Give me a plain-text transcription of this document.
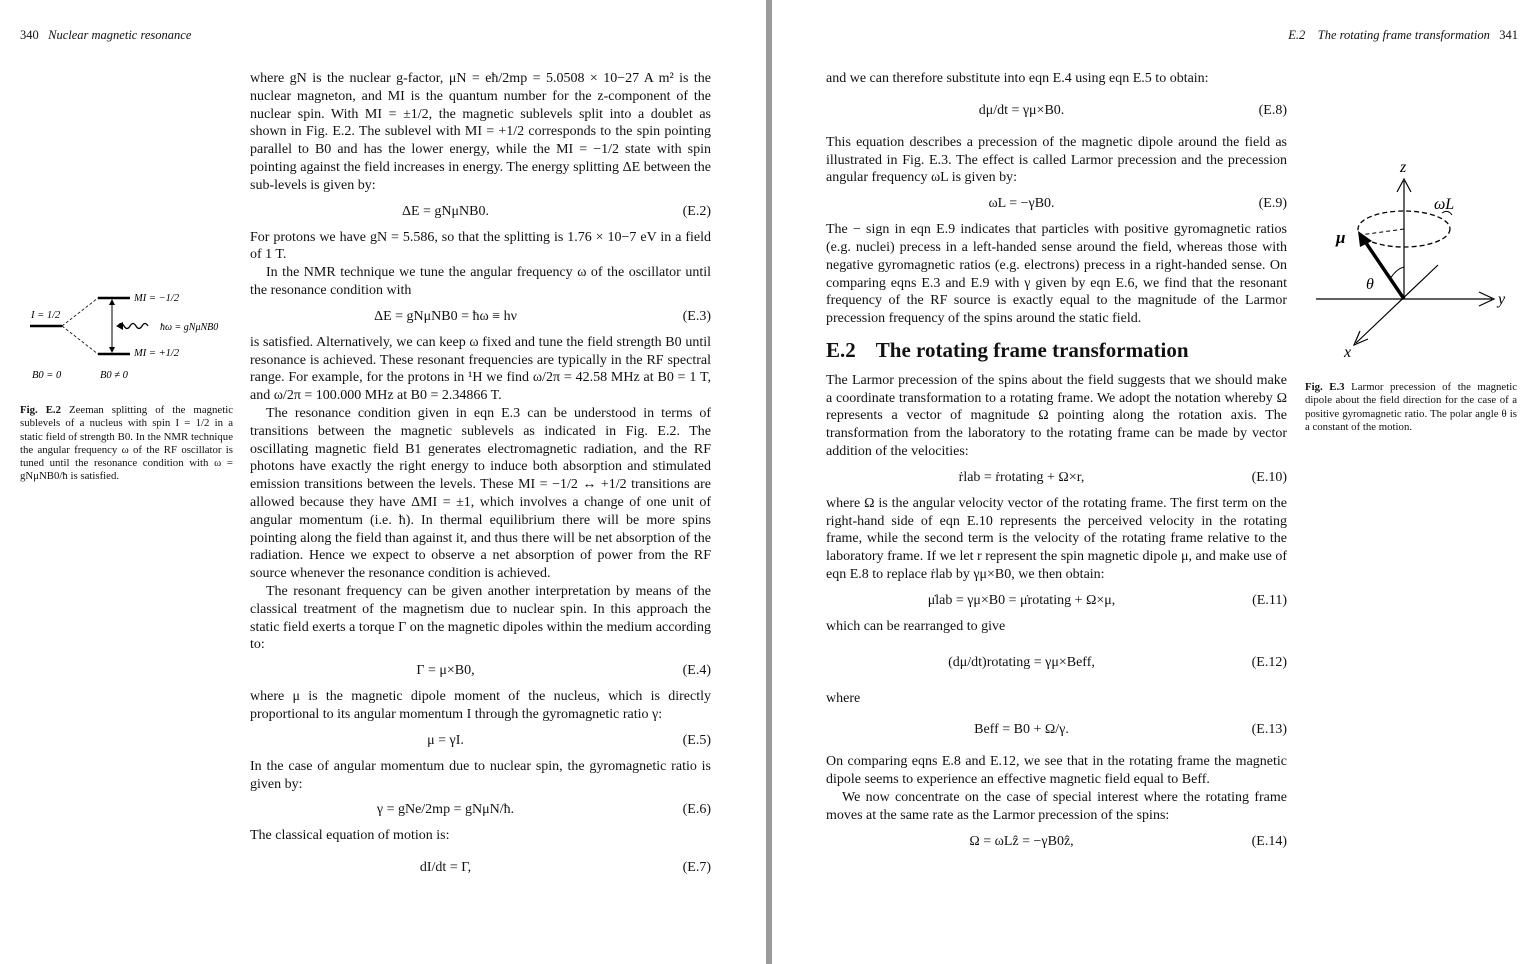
340 Nuclear magnetic resonance
I = 1/2
MI = −1/2
MI = +1/2
ħω = gNμNB0
B0 = 0	B0 ≠ 0
Fig. E.2 Zeeman splitting of the magnetic sublevels of a nucleus with spin I = 1/2 in a static field of strength B0. In the NMR technique the angular frequency ω of the RF oscillator is tuned until the resonance condition with ω = gNμNB0/ħ is satisfied.

where gN is the nuclear g-factor, μN = eħ/2mp = 5.0508 × 10−27 A m² is the nuclear magneton, and MI is the quantum number for the z-component of the nuclear spin. With MI = ±1/2, the magnetic sublevels split into a doublet as shown in Fig. E.2. The sublevel with MI = +1/2 corresponds to the spin pointing parallel to B0 and has the lower energy, while the MI = −1/2 state with spin pointing against the field increases in energy. The energy splitting ΔE between the sub-levels is given by:

ΔE = gNμNB0.	(E.2)

For protons we have gN = 5.586, so that the splitting is 1.76 × 10−7 eV in a field of 1 T.

In the NMR technique we tune the angular frequency ω of the oscillator until the resonance condition with

ΔE = gNμNB0 = ħω ≡ hν	(E.3)

is satisfied. Alternatively, we can keep ω fixed and tune the field strength B0 until resonance is achieved. These resonant frequencies are typically in the RF spectral range. For example, for the protons in ¹H we find ω/2π = 42.58 MHz at B0 = 1 T, and ω/2π = 100.000 MHz at B0 = 2.34866 T.

The resonance condition given in eqn E.3 can be understood in terms of transitions between the magnetic sublevels as indicated in Fig. E.2. The oscillating magnetic field B1 generates electromagnetic radiation, and the RF photons have exactly the right energy to induce both absorption and stimulated emission transitions between the levels. These MI = −1/2 ↔ +1/2 transitions are allowed because they have ΔMI = ±1, which involves a change of one unit of angular momentum (i.e. ħ). In thermal equilibrium there will be more spins pointing along the field than against it, and thus there will be net absorption of the radiation. Hence we expect to observe a net absorption of power from the RF source whenever the resonance condition is achieved.

The resonant frequency can be given another interpretation by means of the classical treatment of the magnetism due to nuclear spin. In this approach the static field exerts a torque Γ on the magnetic dipoles within the medium according to:

Γ = μ×B0,	(E.4)

where μ is the magnetic dipole moment of the nucleus, which is directly proportional to its angular momentum I through the gyromagnetic ratio γ:

μ = γI.	(E.5)

In the case of angular momentum due to nuclear spin, the gyromagnetic ratio is given by:

γ = gNe/2mp = gNμN/ħ.	(E.6)

The classical equation of motion is:

dI/dt = Γ,	(E.7)
E.2 The rotating frame transformation 341

and we can therefore substitute into eqn E.4 using eqn E.5 to obtain:

dμ/dt = γμ×B0.	(E.8)

This equation describes a precession of the magnetic dipole around the field as illustrated in Fig. E.3. The effect is called Larmor precession and the precession angular frequency ωL is given by:

ωL = −γB0.	(E.9)

The − sign in eqn E.9 indicates that particles with positive gyromagnetic ratios (e.g. nuclei) precess in a left-handed sense around the field, whereas those with negative gyromagnetic ratios (e.g. electrons) precess in a right-handed sense. On comparing eqns E.3 and E.9 with γ given by eqn E.6, we find that the resonant frequency of the RF source is exactly equal to the magnitude of the Larmor precession frequency of the spins around the static field.

E.2 The rotating frame transformation

The Larmor precession of the spins about the field suggests that we should make a coordinate transformation to a rotating frame. We adopt the notation whereby Ω represents a vector of magnitude Ω pointing along the rotation axis. The transformation from the laboratory to the rotating frame can be made by vector addition of the velocities:

ṙlab = ṙrotating + Ω×r,	(E.10)

where Ω is the angular velocity vector of the rotating frame. The first term on the right-hand side of eqn E.10 represents the perceived velocity in the rotating frame, while the second term is the velocity of the rotating frame relative to the laboratory frame. If we let r represent the spin magnetic dipole μ, and make use of eqn E.8 to replace ṙlab by γμ×B0, we then obtain:

μ̇lab = γμ×B0 = μ̇rotating + Ω×μ,	(E.11)

which can be rearranged to give

(dμ/dt)rotating = γμ×Beff,	(E.12)

where

Beff = B0 + Ω/γ.	(E.13)

On comparing eqns E.8 and E.12, we see that in the rotating frame the magnetic dipole seems to experience an effective magnetic field equal to Beff.

We now concentrate on the case of special interest where the rotating frame moves at the same rate as the Larmor precession of the spins:

Ω = ωLẑ = −γB0ẑ,	(E.14)
z
y
x
μ
ωL
θ
Fig. E.3 Larmor precession of the magnetic dipole about the field direction for the case of a positive gyromagnetic ratio. The polar angle θ is a constant of the motion.
